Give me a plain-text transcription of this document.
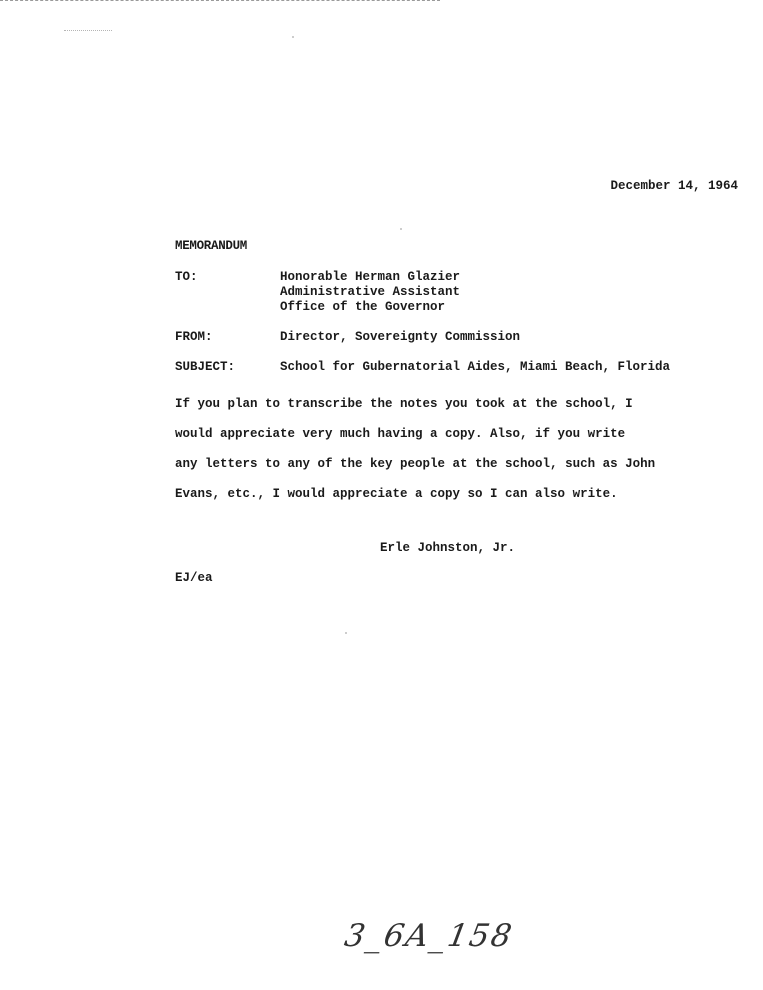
December 14, 1964
MEMORANDUM
TO:	Honorable Herman Glazier
Administrative Assistant
Office of the Governor
FROM:	Director, Sovereignty Commission
SUBJECT:	School for Gubernatorial Aides, Miami Beach, Florida
If you plan to transcribe the notes you took at the school, I
would appreciate very much having a copy. Also, if you write
any letters to any of the key people at the school, such as John
Evans, etc., I would appreciate a copy so I can also write.
Erle Johnston, Jr.
EJ/ea
3_6A_158
